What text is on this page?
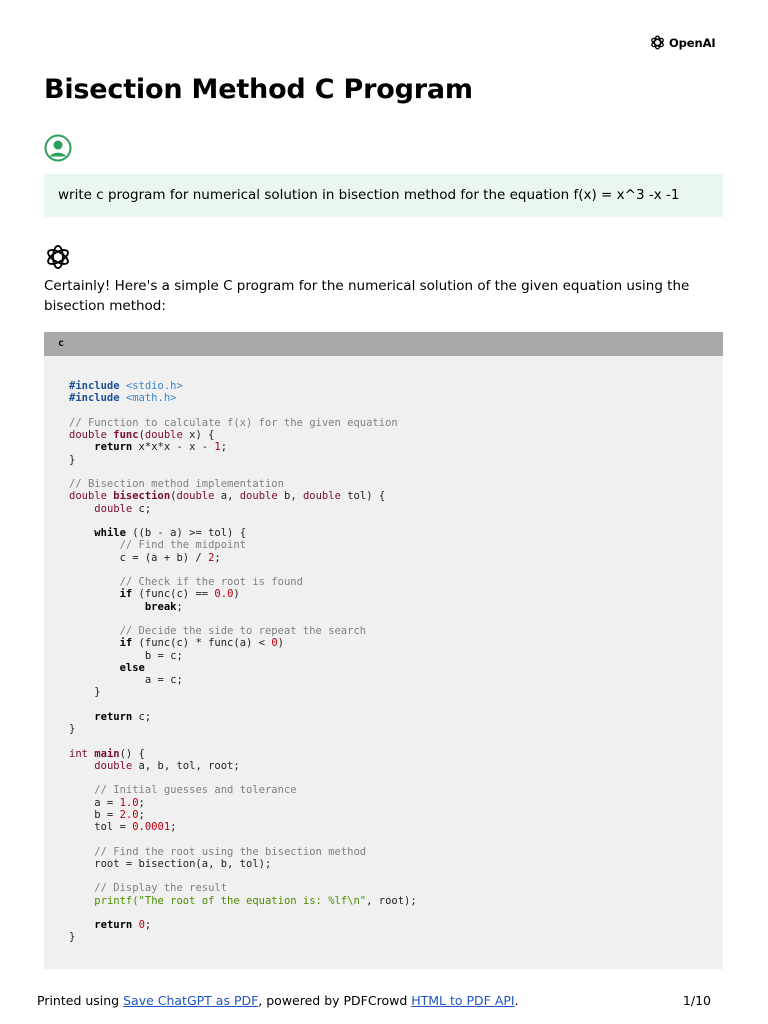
OpenAI
Bisection Method C Program
write c program for numerical solution in bisection method for the equation f(x) = x^3 -x -1

Certainly! Here's a simple C program for the numerical solution of the given equation using the bisection method:

c
#include <stdio.h>
#include <math.h>

// Function to calculate f(x) for the given equation
double func(double x) {
return x*x*x - x - 1;
}

// Bisection method implementation
double bisection(double a, double b, double tol) {
double c;

while ((b - a) >= tol) {
// Find the midpoint
c = (a + b) / 2;

// Check if the root is found
if (func(c) == 0.0)
break;

// Decide the side to repeat the search
if (func(c) * func(a) < 0)
b = c;
else
a = c;
}

return c;
}

int main() {
double a, b, tol, root;

// Initial guesses and tolerance
a = 1.0;
b = 2.0;
tol = 0.0001;

// Find the root using the bisection method
root = bisection(a, b, tol);

// Display the result
printf("The root of the equation is: %lf\n", root);

return 0;
}

Printed using Save ChatGPT as PDF, powered by PDFCrowd HTML to PDF API.	1/10
